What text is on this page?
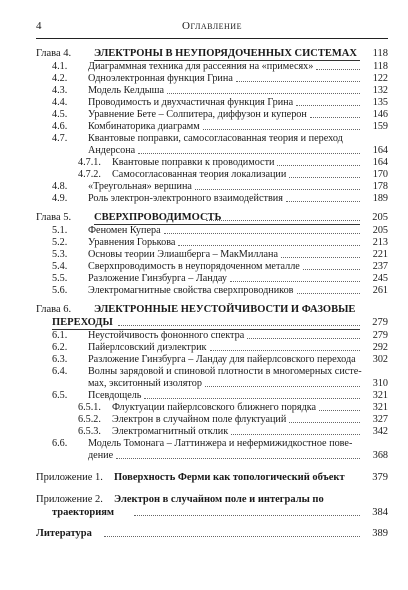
4	Оглавление
Глава 4. ЭЛЕКТРОНЫ В НЕУПОРЯДОЧЕННЫХ СИСТЕМАХ	118
4.1. Диаграммная техника для рассеяния на «примесях»	118
4.2. Одноэлектронная функция Грина	122
4.3. Модель Келдыша	132
4.4. Проводимость и двухчастичная функция Грина	135
4.5. Уравнение Бете – Солпитера, диффузон и куперон	146
4.6. Комбинаторика диаграмм	159
4.7. Квантовые поправки, самосогласованная теория и переход
Андерсона	164
4.7.1. Квантовые поправки к проводимости	164
4.7.2. Самосогласованная теория локализации	170
4.8. «Треугольная» вершина	178
4.9. Роль электрон-электронного взаимодействия	189
Глава 5. СВЕРХПРОВОДИМОСТЬ	205
5.1. Феномен Купера	205
5.2. Уравнения Горькова	213
5.3. Основы теории Элиашберга – МакМиллана	221
5.4. Сверхпроводимость в неупорядоченном металле	237
5.5. Разложение Гинзбурга – Ландау	245
5.6. Электромагнитные свойства сверхпроводников	261
Глава 6. ЭЛЕКТРОННЫЕ НЕУСТОЙЧИВОСТИ И ФАЗОВЫЕ
ПЕРЕХОДЫ	279
6.1. Неустойчивость фононного спектра	279
6.2. Пайерлсовский диэлектрик	292
6.3. Разложение Гинзбурга – Ландау для пайерлсовского перехода	302
6.4. Волны зарядовой и спиновой плотности в многомерных систе-
мах, экситонный изолятор	310
6.5. Псевдощель	321
6.5.1. Флуктуации пайерлсовского ближнего порядка	321
6.5.2. Электрон в случайном поле флуктуаций	327
6.5.3. Электромагнитный отклик	342
6.6. Модель Томонага – Латтинжера и нефермижидкостное пове-
дение	368
Приложение 1. Поверхность Ферми как топологический объект	379
Приложение 2. Электрон в случайном поле и интегралы по
траекториям	384
Литература	389
